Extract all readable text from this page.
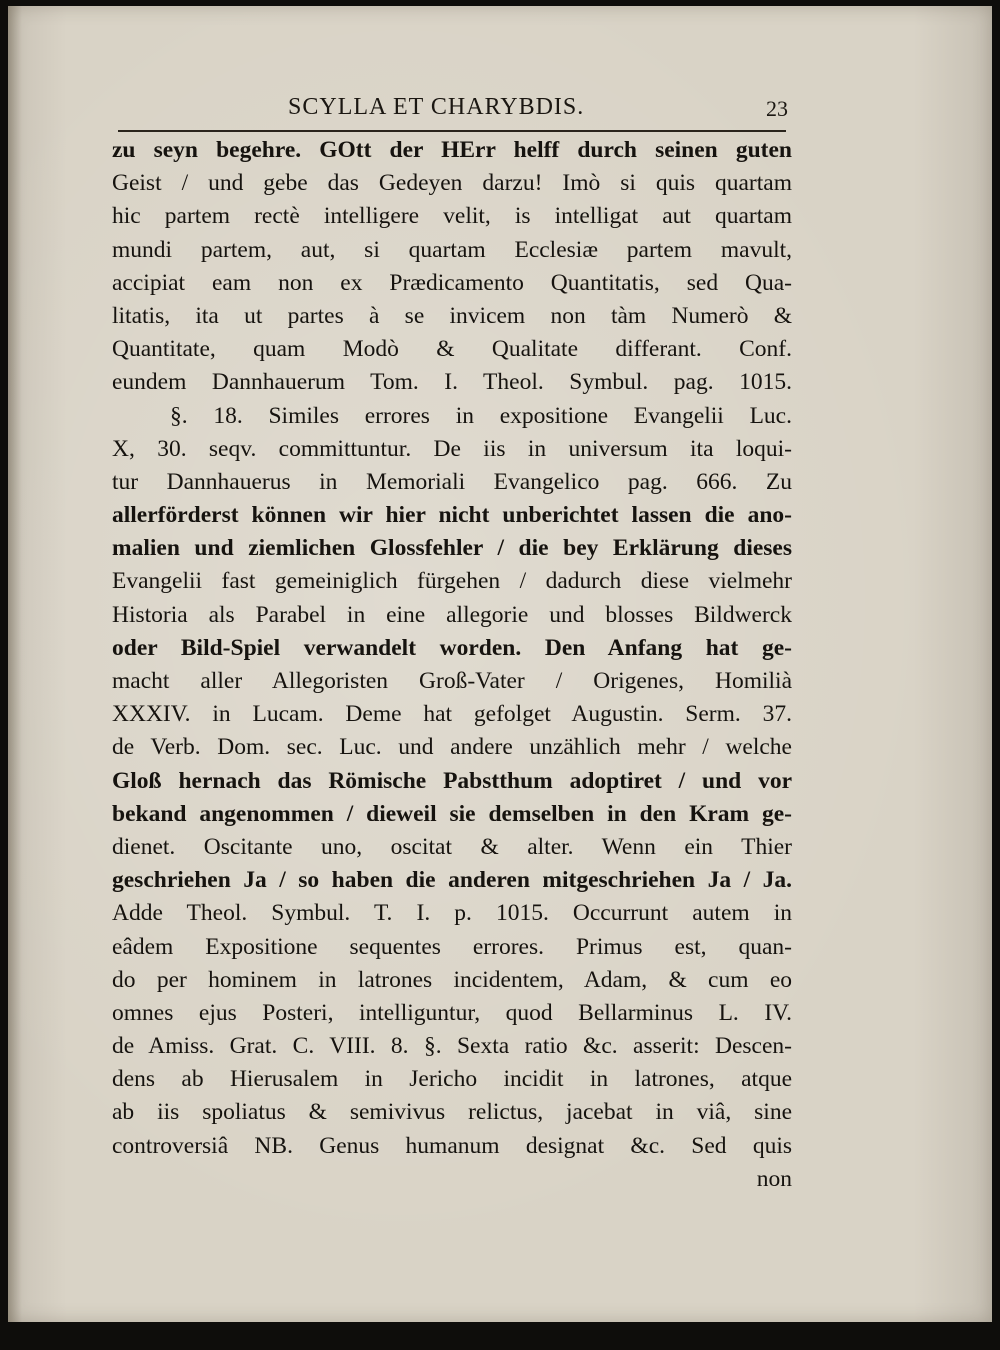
SCYLLA ET CHARYBDIS.	23
zu seyn begehre. GOtt der HErr helff durch seinen guten
Geist / und gebe das Gedeyen darzu! Imò si quis quartam
hic partem rectè intelligere velit, is intelligat aut quartam
mundi partem, aut, si quartam Ecclesiæ partem mavult,
accipiat eam non ex Prædicamento Quantitatis, sed Qua-
litatis, ita ut partes à se invicem non tàm Numerò &
Quantitate, quam Modò & Qualitate differant. Conf.
eundem Dannhauerum Tom. I. Theol. Symbul. pag. 1015.
§. 18. Similes errores in expositione Evangelii Luc.
X, 30. seqv. committuntur. De iis in universum ita loqui-
tur Dannhauerus in Memoriali Evangelico pag. 666. Zu
allerförderst können wir hier nicht unberichtet lassen die ano-
malien und ziemlichen Glossfehler / die bey Erklärung dieses
Evangelii fast gemeiniglich fürgehen / dadurch diese vielmehr
Historia als Parabel in eine allegorie und blosses Bildwerck
oder Bild-Spiel verwandelt worden. Den Anfang hat ge-
macht aller Allegoristen Groß-Vater / Origenes, Homilià
XXXIV. in Lucam. Deme hat gefolget Augustin. Serm. 37.
de Verb. Dom. sec. Luc. und andere unzählich mehr / welche
Gloß hernach das Römische Pabstthum adoptiret / und vor
bekand angenommen / dieweil sie demselben in den Kram ge-
dienet. Oscitante uno, oscitat & alter. Wenn ein Thier
geschriehen Ja / so haben die anderen mitgeschriehen Ja / Ja.
Adde Theol. Symbul. T. I. p. 1015. Occurrunt autem in
eâdem Expositione sequentes errores. Primus est, quan-
do per hominem in latrones incidentem, Adam, & cum eo
omnes ejus Posteri, intelliguntur, quod Bellarminus L. IV.
de Amiss. Grat. C. VIII. 8. §. Sexta ratio &c. asserit: Descen-
dens ab Hierusalem in Jericho incidit in latrones, atque
ab iis spoliatus & semivivus relictus, jacebat in viâ, sine
controversiâ NB. Genus humanum designat &c. Sed quis
non
